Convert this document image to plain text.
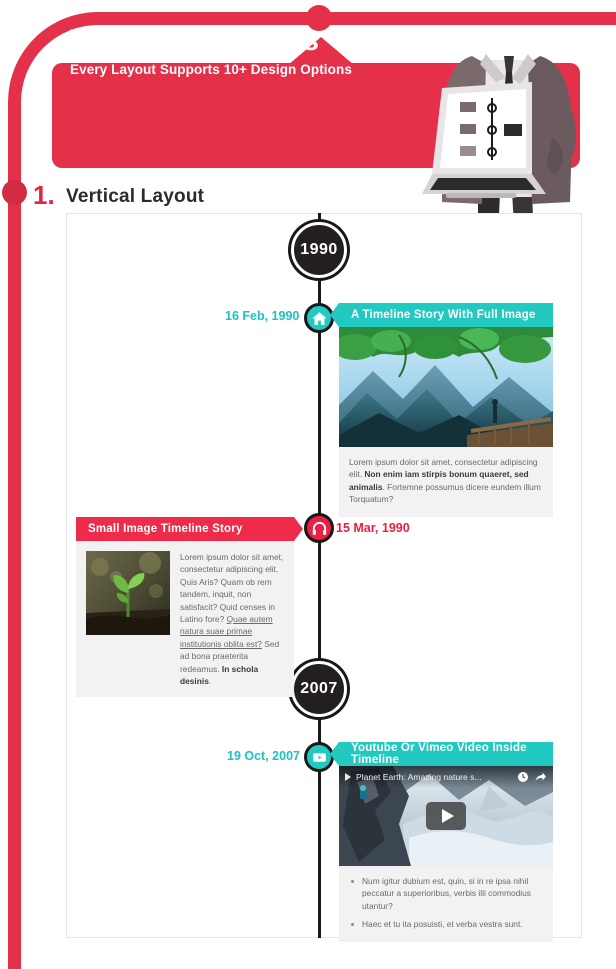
Timeline Layouts
Every Layout Supports 10+ Design Options
1. Vertical Layout
1990
2007
16 Feb, 1990	A Timeline Story With Full Image
Lorem ipsum dolor sit amet, consectetur adipiscing elit. Non enim iam stirpis bonum quaeret, sed animalis. Fortemne possumus dicere eundem illum Torquatum?
15 Mar, 1990
Small Image Timeline Story
Lorem ipsum dolor sit amet, consectetur adipiscing elit. Quis Aris? Quam ob rem tandem, inquit, non satisfacit? Quid censes in Latino fore? Quae autem natura suae primae institutionis oblita est? Sed ad bona praeterita redeamus. In schola desinis.
19 Oct, 2007
Youtube Or Vimeo Video Inside Timeline
Planet Earth: Amazing nature s...
Num igitur dubium est, quin, si in re ipsa nihil peccatur a superioribus, verbis illi commodius utantur?
Haec et tu ita posuisti, et verba vestra sunt.
